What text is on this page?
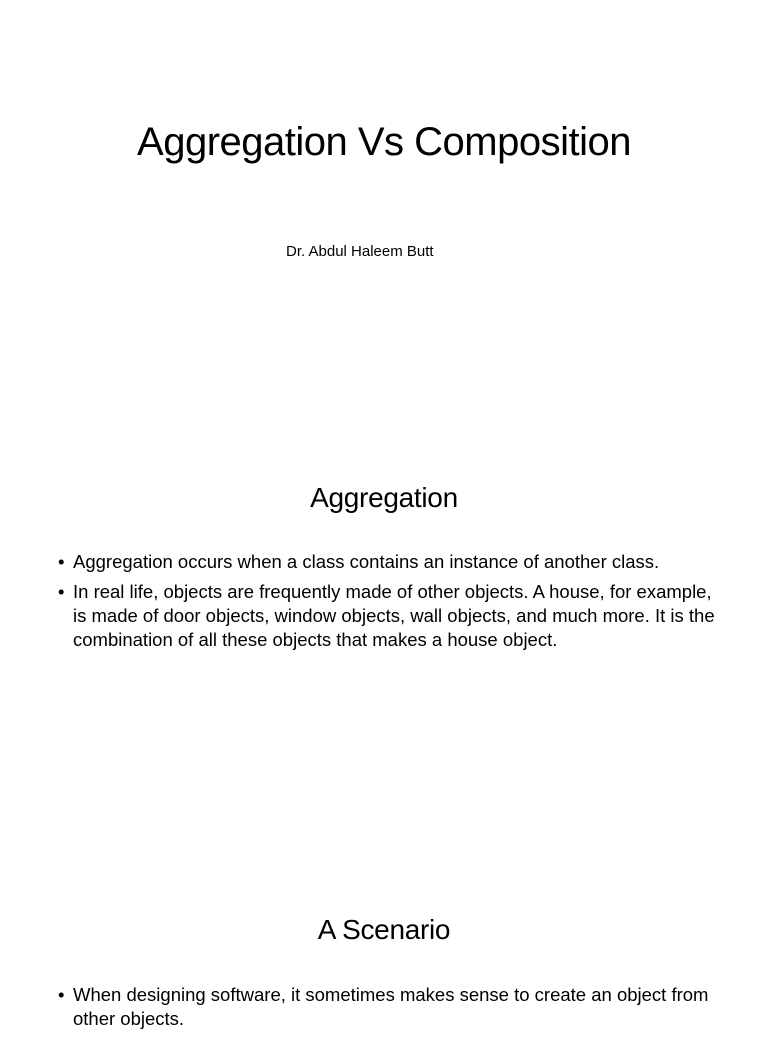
Aggregation Vs Composition

Dr. Abdul Haleem Butt

Aggregation
• Aggregation occurs when a class contains an instance of another class.
• In real life, objects are frequently made of other objects. A house, for example, is made of door objects, window objects, wall objects, and much more. It is the combination of all these objects that makes a house object.
A Scenario
• When designing software, it sometimes makes sense to create an object from other objects.
